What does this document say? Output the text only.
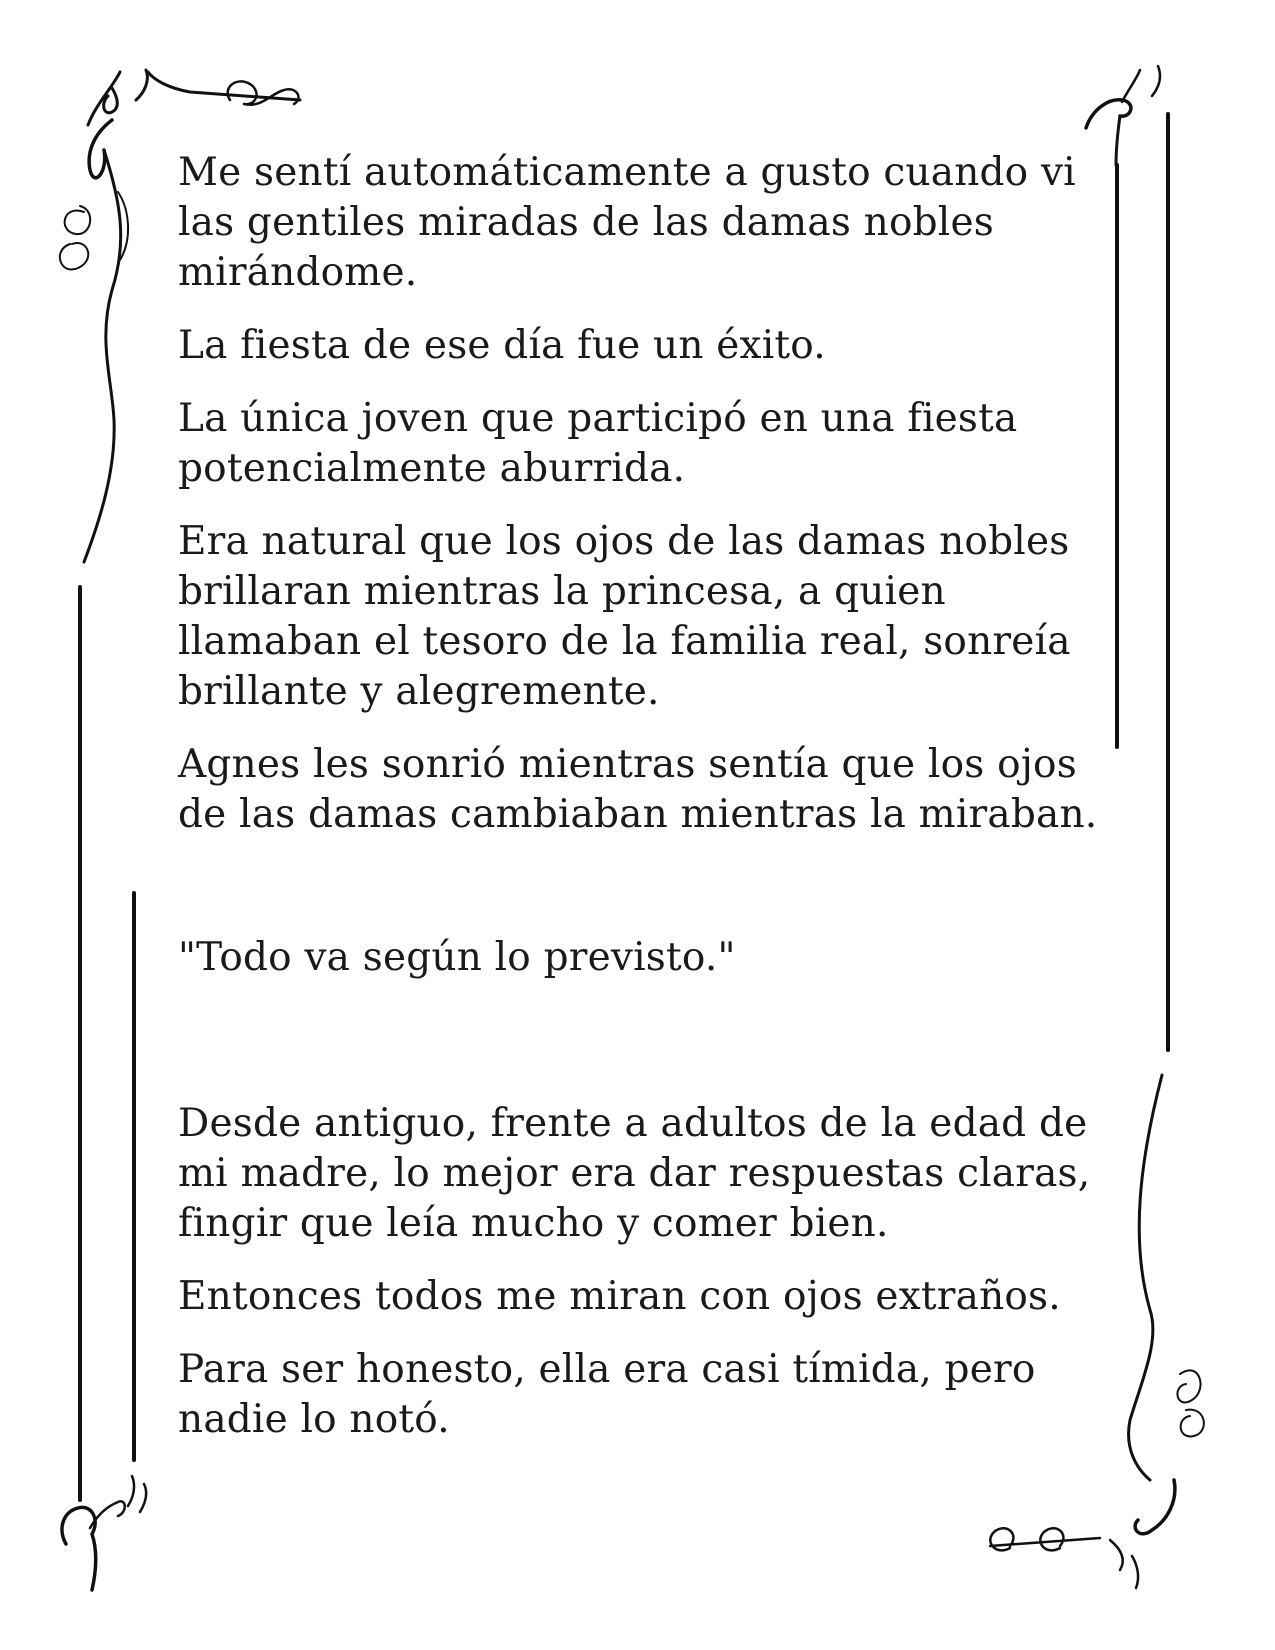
Me sentí automáticamente a gusto cuando vi las gentiles miradas de las damas nobles mirándome.

La fiesta de ese día fue un éxito.

La única joven que participó en una fiesta potencialmente aburrida.

Era natural que los ojos de las damas nobles brillaran mientras la princesa, a quien llamaban el tesoro de la familia real, sonreía brillante y alegremente.

Agnes les sonrió mientras sentía que los ojos de las damas cambiaban mientras la miraban.

"Todo va según lo previsto."

Desde antiguo, frente a adultos de la edad de mi madre, lo mejor era dar respuestas claras, fingir que leía mucho y comer bien.

Entonces todos me miran con ojos extraños.

Para ser honesto, ella era casi tímida, pero nadie lo notó.
